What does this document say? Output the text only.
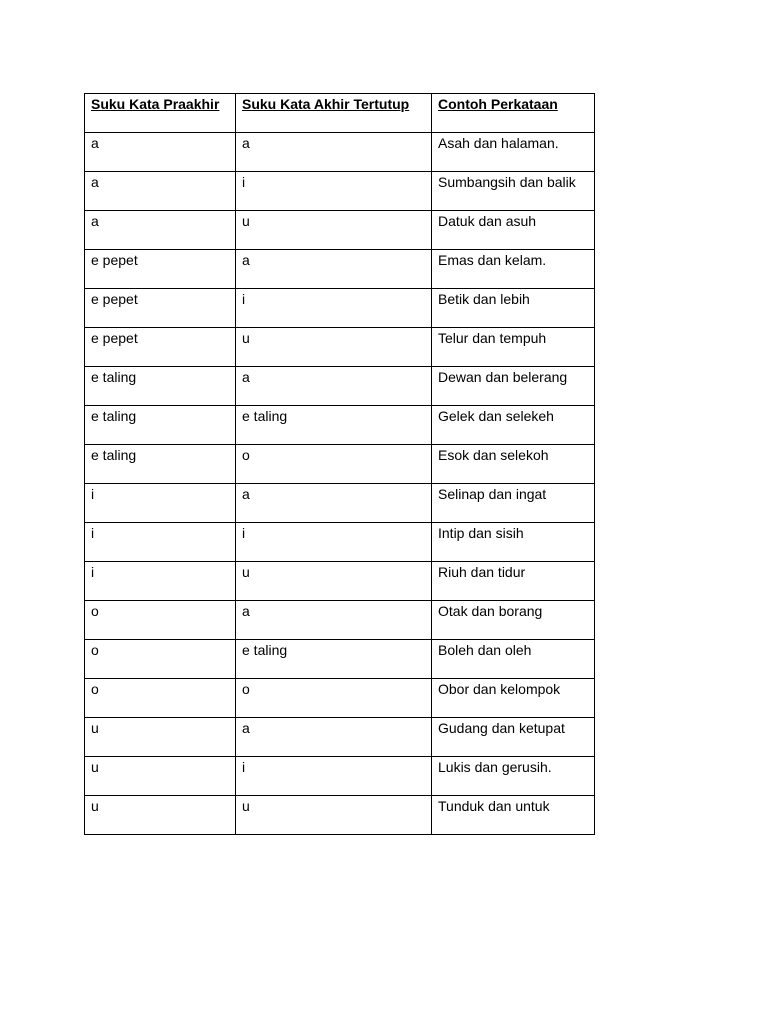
Suku Kata Praakhir	Suku Kata Akhir Tertutup	Contoh Perkataan
a	a	Asah dan halaman.
a	i	Sumbangsih dan balik
a	u	Datuk dan asuh
e pepet	a	Emas dan kelam.
e pepet	i	Betik dan lebih
e pepet	u	Telur dan tempuh
e taling	a	Dewan dan belerang
e taling	e taling	Gelek dan selekeh
e taling	o	Esok dan selekoh
i	a	Selinap dan ingat
i	i	Intip dan sisih
i	u	Riuh dan tidur
o	a	Otak dan borang
o	e taling	Boleh dan oleh
o	o	Obor dan kelompok
u	a	Gudang dan ketupat
u	i	Lukis dan gerusih.
u	u	Tunduk dan untuk
